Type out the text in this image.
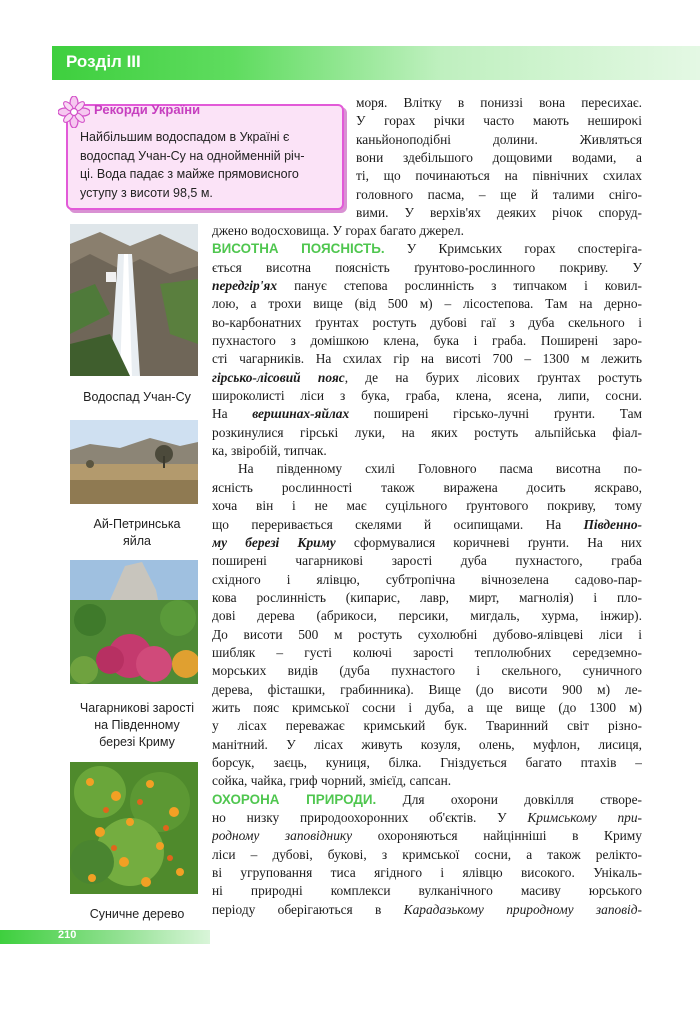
Розділ III
Рекорди України
Найбільшим водоспадом в Україні є
водоспад Учан-Су на однойменній річ-
ці. Вода падає з майже прямовисного
уступу з висоти 98,5 м.
Водоспад Учан-Су
Ай-Петринська
яйла
Чагарникові зарості
на Південному
березі Криму
Суничне дерево
моря. Влітку в пониззі вона пересихає.
У горах річки часто мають нешироκі
каньйоноподібні долини. Живляться
вони здебільшого дощовими водами, а
ті, що починаються на північних схилах
головного пасма, – ще й талими сніго-
вими. У верхів'ях деяких річок споруд-
джено водосховища. У горах багато джерел.
ВИСОТНА ПОЯСНІСТЬ. У Кримських горах спостерігa-
ється висотна поясність ґрунтово-рослинного покриву. У
передгір'ях панує степова рослинність з типчаком і ковил-
лою, а трохи вище (від 500 м) – лісостепова. Там на дерно-
во-карбонатних ґрунтах ростуть дубові гаї з дуба скельного і
пухнастого з домішкою клена, бука і граба. Поширені заро-
сті чагарників. На схилах гір на висоті 700 – 1300 м лежить
гірсько-лісовий пояс, де на бурих лісових ґрунтах ростуть
широколисті ліси з бука, граба, клена, ясена, липи, сосни.
На вершинах-яйлах поширені гірсько-лучні ґрунти. Там
розкинулися гірські луки, на яких ростуть альпійська фіал-
ка, звіробій, типчак.
На південному схилі Головного пасма висотна по-
ясність рослинності також виражена досить яскраво,
хоча він і не має суцільного ґрунтового покриву, тому
що переривається скелями й осипищами. На Південно-
му березі Криму сформувалися коричневі ґрунти. На них
поширені чагарникові зарості дуба пухнастого, граба
східного і ялівцю, субтропічна вічнозелена садово-пар-
кова рослинність (кипарис, лавр, мирт, магнолія) і пло-
дові дерева (абрикоси, персики, мигдаль, хурма, інжир).
До висоти 500 м ростуть сухолюбні дубово-ялівцеві ліси і
шибляк – густі колючі зарості теплолюбних середземно-
морських видів (дуба пухнастого і скельного, суничного
дерева, фісташки, грабинника). Вище (до висоти 900 м) ле-
жить пояс кримської сосни і дуба, а ще вище (до 1300 м)
у лісах переважає кримський бук. Тваринний світ різно-
манітний. У лісах живуть козуля, олень, муфлон, лисиця,
борсук, заєць, куниця, білка. Гніздується багато птахів –
сойка, чайка, гриф чорний, змієїд, сапсан.
ОХОРОНА ПРИРОДИ. Для охорони довкілля створе-
но низку природоохоронних об'єктів. У Кримському при-
родному заповіднику охороняються найцінніші в Криму
ліси – дубові, букові, з кримської сосни, а також релікто-
ві угруповання тиса ягідного і ялівцю високого. Унікаль-
ні природні комплекси вулканічного масиву юрського
періоду оберігаються в Карадазькому природному заповід-
210
